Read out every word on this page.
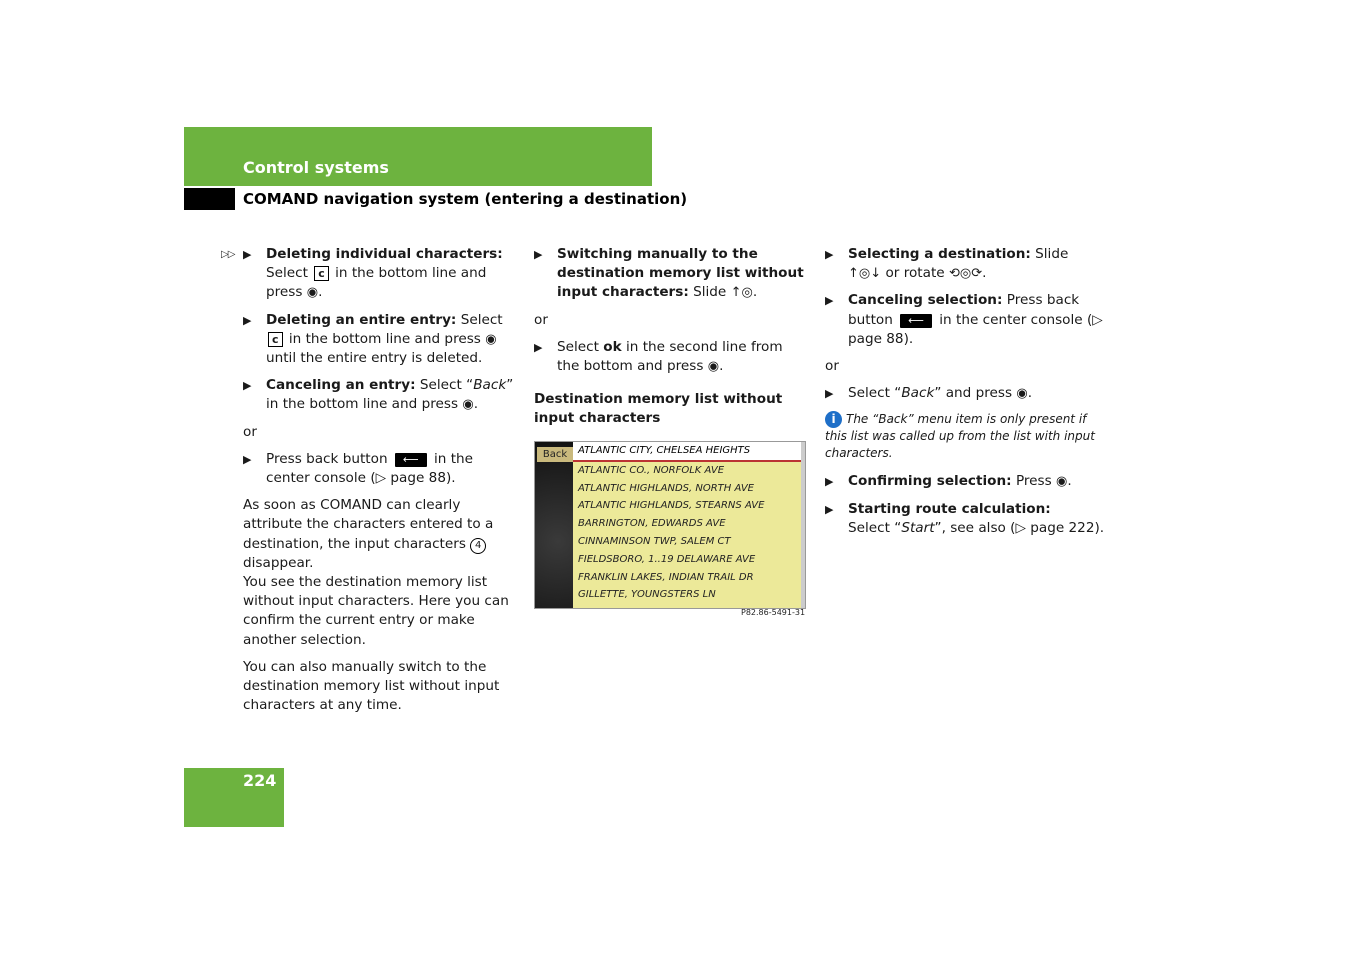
Control systems
COMAND navigation system (entering a destination)
▷▷ ▶ Deleting individual characters:
Select c in the bottom line and press ◉.
▶ Deleting an entire entry: Select c in the bottom line and press ◉ until the entire entry is deleted.
▶ Canceling an entry: Select “Back” in the bottom line and press ◉.
or
▶ Press back button ⟵ in the center console (▷ page 88).
As soon as COMAND can clearly attribute the characters entered to a destination, the input characters 4 disappear.
You see the destination memory list without input characters. Here you can confirm the current entry or make another selection.
You can also manually switch to the destination memory list without input characters at any time.
▶ Switching manually to the destination memory list without input characters: Slide ↑◎.
or
▶ Select ok in the second line from the bottom and press ◉.
Destination memory list without input characters
Back	ATLANTIC CITY, CHELSEA HEIGHTS
ATLANTIC CO., NORFOLK AVE
ATLANTIC HIGHLANDS, NORTH AVE
ATLANTIC HIGHLANDS, STEARNS AVE
BARRINGTON, EDWARDS AVE
CINNAMINSON TWP, SALEM CT
FIELDSBORO, 1..19 DELAWARE AVE
FRANKLIN LAKES, INDIAN TRAIL DR
GILLETTE, YOUNGSTERS LN
P82.86-5491-31
▶ Selecting a destination: Slide ↑◎↓ or rotate ⟲◎⟳.
▶ Canceling selection: Press back button ⟵ in the center console (▷ page 88).
or
▶ Select “Back” and press ◉.
i The “Back” menu item is only present if this list was called up from the list with input characters.
▶ Confirming selection: Press ◉.
▶ Starting route calculation:
Select “Start”, see also (▷ page 222).
224
